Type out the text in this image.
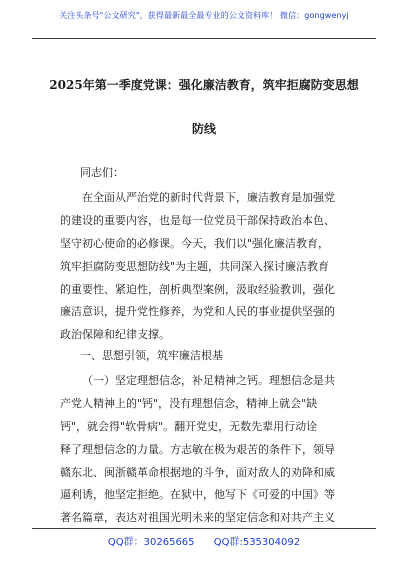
关注头条号"公文研究"，获得最新最全最专业的公文资料库！ 微信：gongwenyj
2025年第一季度党课：强化廉洁教育，筑牢拒腐防变思想
防线
同志们：
在全面从严治党的新时代背景下，廉洁教育是加强党
的建设的重要内容，也是每一位党员干部保持政治本色、
坚守初心使命的必修课。今天，我们以"强化廉洁教育，
筑牢拒腐防变思想防线"为主题，共同深入探讨廉洁教育
的重要性、紧迫性，剖析典型案例，汲取经验教训，强化
廉洁意识，提升党性修养，为党和人民的事业提供坚强的
政治保障和纪律支撑。
一、思想引领，筑牢廉洁根基
（一）坚定理想信念，补足精神之钙。理想信念是共
产党人精神上的"钙"，没有理想信念，精神上就会"缺
钙"，就会得"软骨病"。翻开党史，无数先辈用行动诠
释了理想信念的力量。方志敏在极为艰苦的条件下，领导
赣东北、闽浙赣革命根据地的斗争，面对敌人的劝降和威
逼利诱，他坚定拒绝。在狱中，他写下《可爱的中国》等
著名篇章，表达对祖国光明未来的坚定信念和对共产主义
QQ群：30265665 QQ群:535304092
